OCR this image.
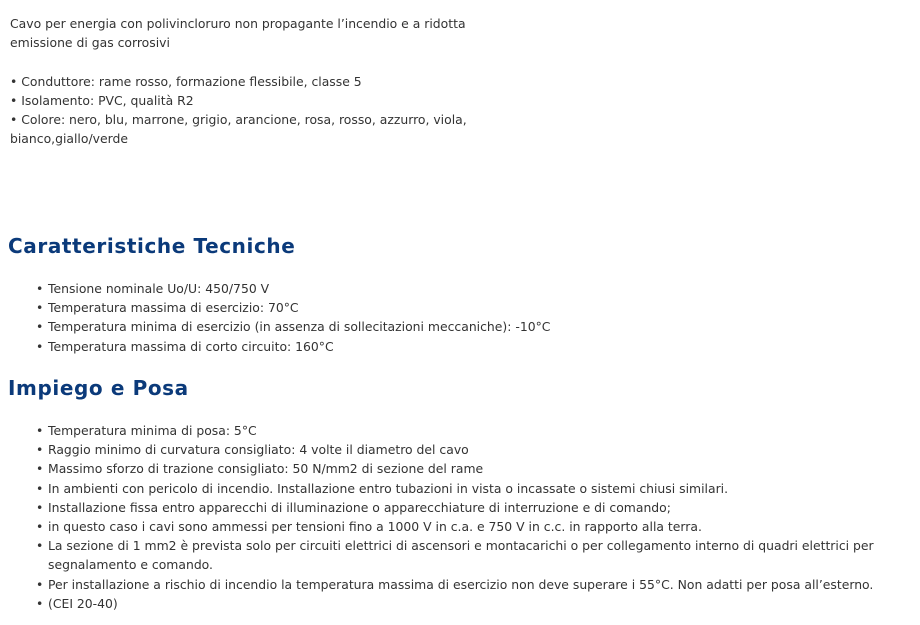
Cavo per energia con polivincloruro non propagante l’incendio e a ridotta emissione di gas corrosivi

• Conduttore: rame rosso, formazione flessibile, classe 5

• Isolamento: PVC, qualità R2

• Colore: nero, blu, marrone, grigio, arancione, rosa, rosso, azzurro, viola, bianco,giallo/verde

Caratteristiche Tecniche
• Tensione nominale Uo/U: 450/750 V
• Temperatura massima di esercizio: 70°C
• Temperatura minima di esercizio (in assenza di sollecitazioni meccaniche): -10°C
• Temperatura massima di corto circuito: 160°C
Impiego e Posa
• Temperatura minima di posa: 5°C
• Raggio minimo di curvatura consigliato: 4 volte il diametro del cavo
• Massimo sforzo di trazione consigliato: 50 N/mm2 di sezione del rame
• In ambienti con pericolo di incendio. Installazione entro tubazioni in vista o incassate o sistemi chiusi similari.
• Installazione fissa entro apparecchi di illuminazione o apparecchiature di interruzione e di comando;
• in questo caso i cavi sono ammessi per tensioni fino a 1000 V in c.a. e 750 V in c.c. in rapporto alla terra.
• La sezione di 1 mm2 è prevista solo per circuiti elettrici di ascensori e montacarichi o per collegamento interno di quadri elettrici per segnalamento e comando.
• Per installazione a rischio di incendio la temperatura massima di esercizio non deve superare i 55°C. Non adatti per posa all’esterno.
• (CEI 20-40)
